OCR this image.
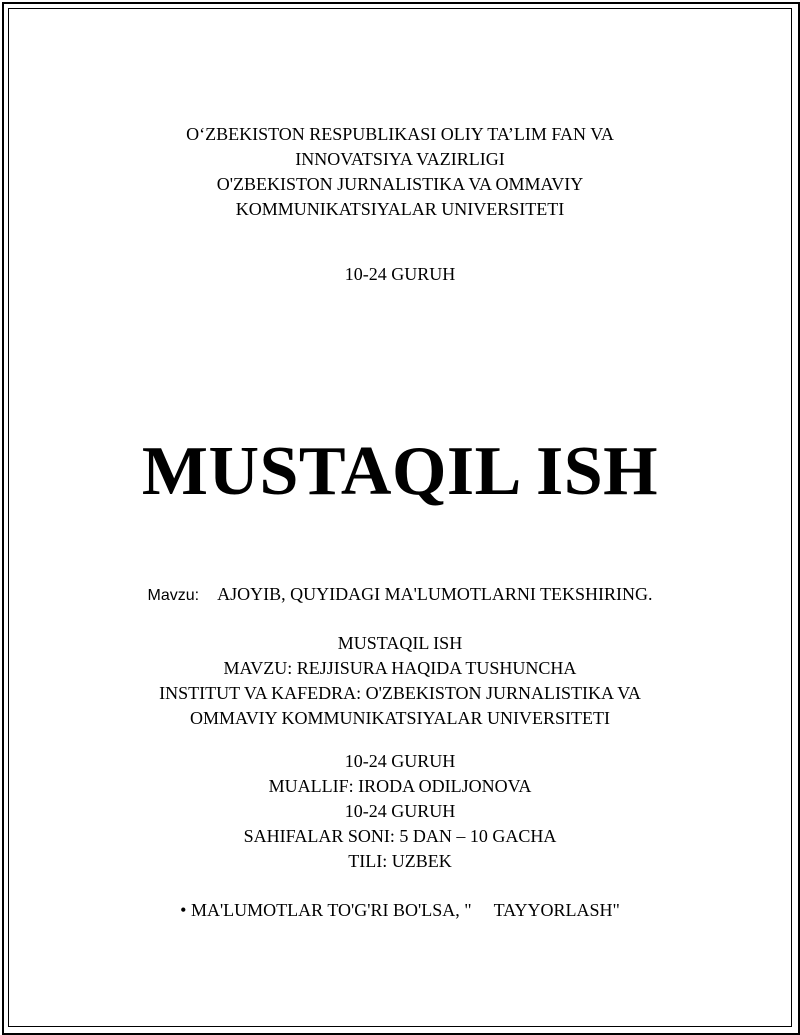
O‘ZBEKISTON RESPUBLIKASI OLIY TA’LIM FAN VA
INNOVATSIYA VAZIRLIGI
O'ZBEKISTON JURNALISTIKA VA OMMAVIY
KOMMUNIKATSIYALAR UNIVERSITETI
10-24 GURUH
MUSTAQIL ISH
Mavzu: AJOYIB, QUYIDAGI MA'LUMOTLARNI TEKSHIRING.
MUSTAQIL ISH
MAVZU: REJJISURA HAQIDA TUSHUNCHA
INSTITUT VA KAFEDRA: O'ZBEKISTON JURNALISTIKA VA
OMMAVIY KOMMUNIKATSIYALAR UNIVERSITETI
10-24 GURUH
MUALLIF: IRODA ODILJONOVA
10-24 GURUH
SAHIFALAR SONI: 5 DAN – 10 GACHA
TILI: UZBEK
• MA'LUMOTLAR TO'G'RI BO'LSA, " TAYYORLASH"
